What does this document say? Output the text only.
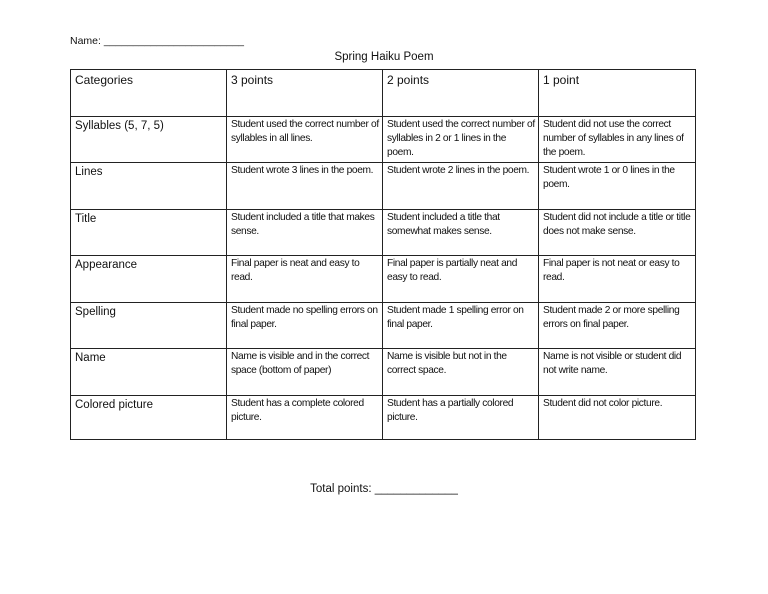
Name: ________________________
Spring Haiku Poem
Categories	3 points	2 points	1 point

Syllables (5, 7, 5)	Student used the correct number of syllables in all lines.	Student used the correct number of syllables in 2 or 1 lines in the poem.	Student did not use the correct number of syllables in any lines of the poem.

Lines	Student wrote 3 lines in the poem.	Student wrote 2 lines in the poem.	Student wrote 1 or 0 lines in the poem.

Title	Student included a title that makes sense.	Student included a title that somewhat makes sense.	Student did not include a title or title does not make sense.

Appearance	Final paper is neat and easy to read.	Final paper is partially neat and easy to read.	Final paper is not neat or easy to read.

Spelling	Student made no spelling errors on final paper.	Student made 1 spelling error on final paper.	Student made 2 or more spelling errors on final paper.

Name	Name is visible and in the correct space (bottom of paper)	Name is visible but not in the correct space.	Name is not visible or student did not write name.

Colored picture	Student has a complete colored picture.	Student has a partially colored picture.	Student did not color picture.
Total points: _____________
